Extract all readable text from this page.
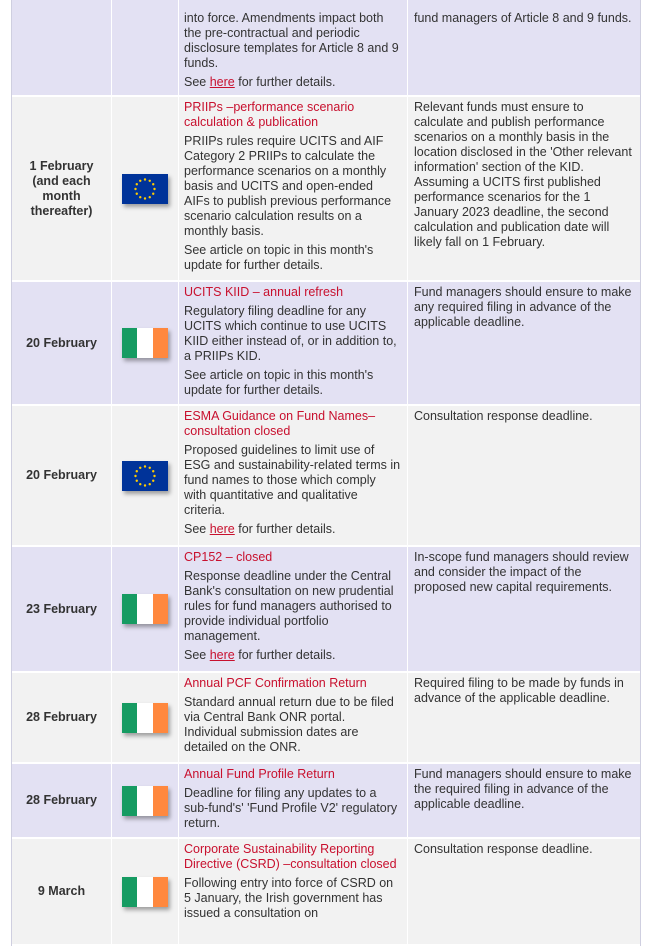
into force. Amendments impact both the pre-contractual and periodic disclosure templates for Article 8 and 9 funds.
See here for further details.
fund managers of Article 8 and 9 funds.
1 February (and each month thereafter)
PRIIPs –performance scenario calculation & publication
PRIIPs rules require UCITS and AIF Category 2 PRIIPs to calculate the performance scenarios on a monthly basis and UCITS and open-ended AIFs to publish previous performance scenario calculation results on a monthly basis.
See article on topic in this month's update for further details.
Relevant funds must ensure to calculate and publish performance scenarios on a monthly basis in the location disclosed in the 'Other relevant information' section of the KID. Assuming a UCITS first published performance scenarios for the 1 January 2023 deadline, the second calculation and publication date will likely fall on 1 February.
20 February
UCITS KIID – annual refresh
Regulatory filing deadline for any UCITS which continue to use UCITS KIID either instead of, or in addition to, a PRIIPs KID.
See article on topic in this month's update for further details.
Fund managers should ensure to make any required filing in advance of the applicable deadline.
20 February
ESMA Guidance on Fund Names– consultation closed
Proposed guidelines to limit use of ESG and sustainability-related terms in fund names to those which comply with quantitative and qualitative criteria.
See here for further details.
Consultation response deadline.
23 February
CP152 – closed
Response deadline under the Central Bank's consultation on new prudential rules for fund managers authorised to provide individual portfolio management.
See here for further details.
In-scope fund managers should review and consider the impact of the proposed new capital requirements.
28 February
Annual PCF Confirmation Return
Standard annual return due to be filed via Central Bank ONR portal. Individual submission dates are detailed on the ONR.
Required filing to be made by funds in advance of the applicable deadline.
28 February
Annual Fund Profile Return
Deadline for filing any updates to a sub-fund's' 'Fund Profile V2' regulatory return.
Fund managers should ensure to make the required filing in advance of the applicable deadline.
9 March
Corporate Sustainability Reporting Directive (CSRD) –consultation closed
Following entry into force of CSRD on 5 January, the Irish government has issued a consultation on
Consultation response deadline.
